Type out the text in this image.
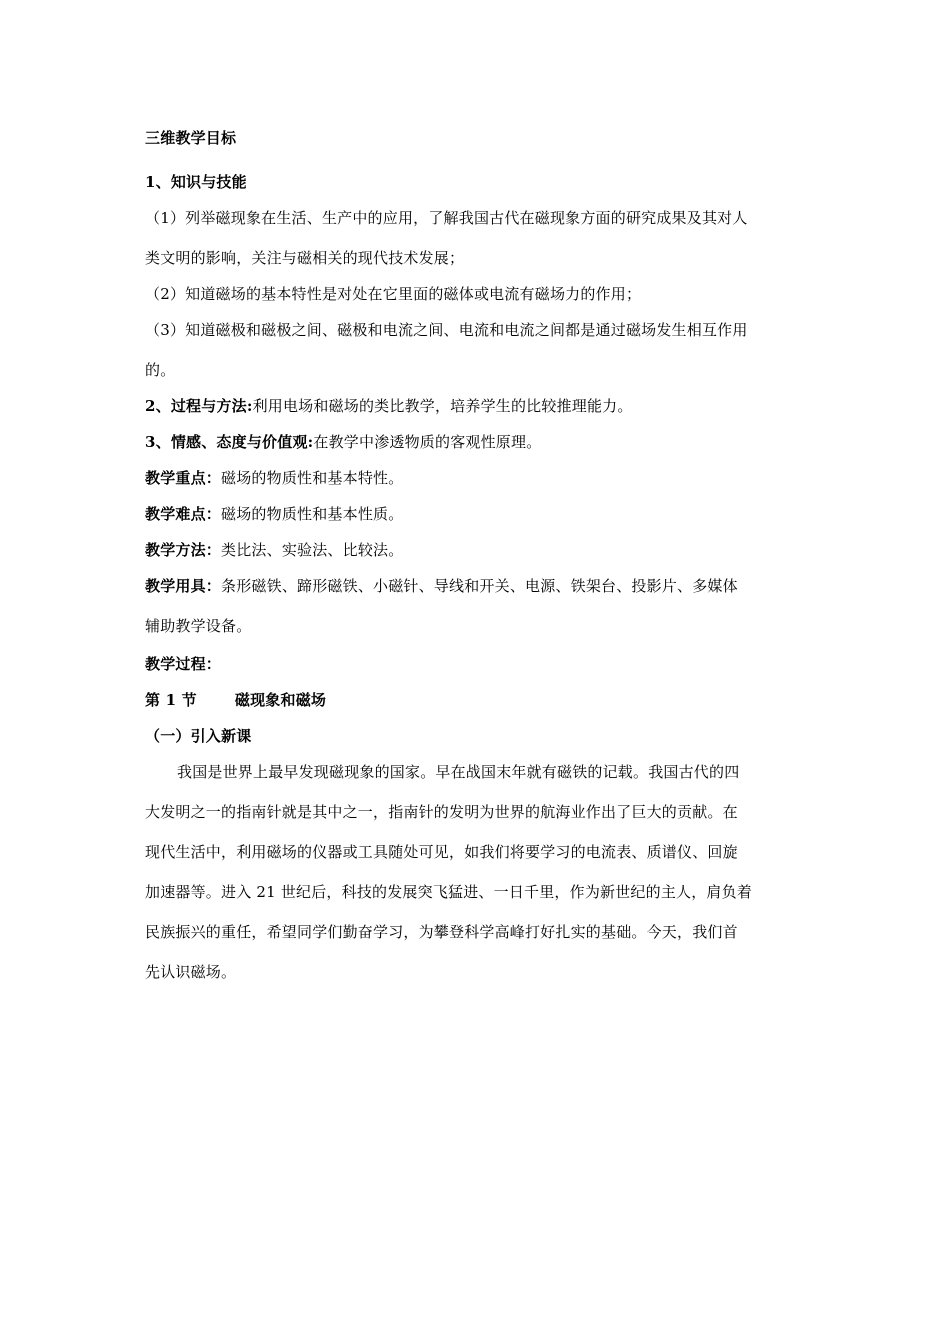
三维教学目标
1、知识与技能
（1）列举磁现象在生活、生产中的应用，了解我国古代在磁现象方面的研究成果及其对人
类文明的影响，关注与磁相关的现代技术发展；
（2）知道磁场的基本特性是对处在它里面的磁体或电流有磁场力的作用；
（3）知道磁极和磁极之间、磁极和电流之间、电流和电流之间都是通过磁场发生相互作用
的。
2、过程与方法:利用电场和磁场的类比教学，培养学生的比较推理能力。
3、情感、态度与价值观:在教学中渗透物质的客观性原理。
教学重点：磁场的物质性和基本特性。
教学难点：磁场的物质性和基本性质。
教学方法：类比法、实验法、比较法。
教学用具：条形磁铁、蹄形磁铁、小磁针、导线和开关、电源、铁架台、投影片、多媒体
辅助教学设备。
教学过程：
第 1 节	磁现象和磁场
（一）引入新课
我国是世界上最早发现磁现象的国家。早在战国末年就有磁铁的记载。我国古代的四
大发明之一的指南针就是其中之一，指南针的发明为世界的航海业作出了巨大的贡献。在
现代生活中，利用磁场的仪器或工具随处可见，如我们将要学习的电流表、质谱仪、回旋
加速器等。进入 21 世纪后，科技的发展突飞猛进、一日千里，作为新世纪的主人，肩负着
民族振兴的重任，希望同学们勤奋学习，为攀登科学高峰打好扎实的基础。今天，我们首
先认识磁场。
